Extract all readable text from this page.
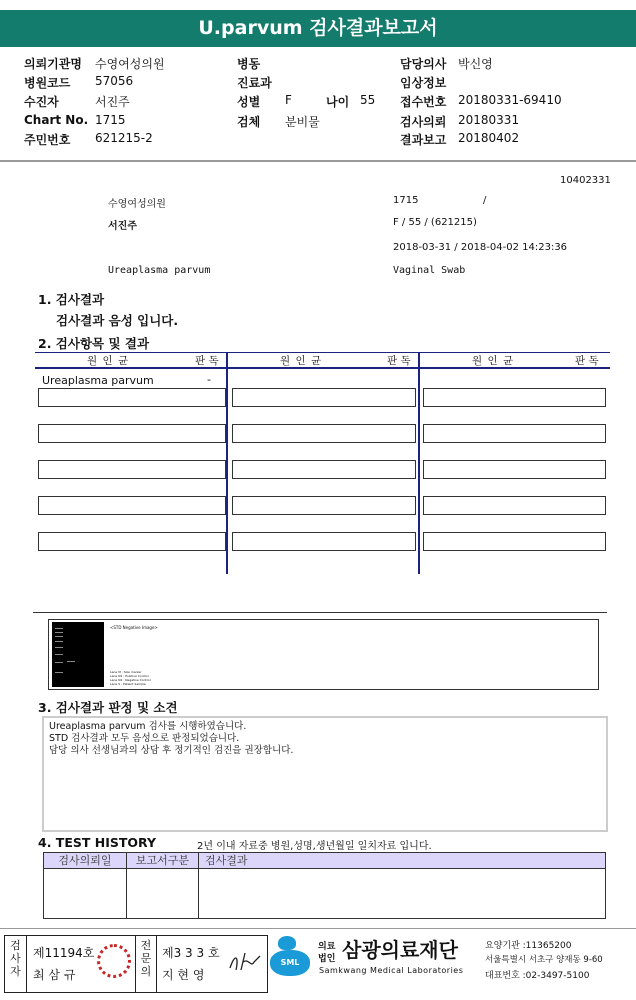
U.parvum 검사결과보고서
의뢰기관명 수영여성의원
병원코드 57056
수진자	서진주
Chart No. 1715
주민번호 621215-2
병동
진료과
성별 F	나이 55
검체 분비물
담당의사 박신영
임상정보
접수번호 20180331-69410
검사의뢰 20180331
결과보고 20180402
10402331
수영여성의원	1715	/
서진주	F / 55 / (621215)
2018-03-31 / 2018-04-02 14:23:36
Ureaplasma parvum	Vaginal Swab
1. 검사결과
검사결과 음성 입니다.
2. 검사항목 및 결과
원 인 균	판 독	원 인 균	판 독	원 인 균	판 독
Ureaplasma parvum	-
<STD Negative Image>
Lane M : Size marker
Lane N1 : Positive Control
Lane N2 : Negative Control
Lane S : Patient Sample
3. 검사결과 판정 및 소견
Ureaplasma parvum 검사를 시행하였습니다.
STD 검사결과 모두 음성으로 판정되었습니다.
담당 의사 선생님과의 상담 후 정기적인 검진을 권장합니다.
4. TEST HISTORY	2년 이내 자료중 병원,성명,생년월일 일치자료 입니다.
검사의뢰일	보고서구분	검사결과
검사자
제11194호
최 삼 규
전문의
제3 3 3 호
지 현 영
SML
의료
법인 삼광의료재단
Samkwang Medical Laboratories
요양기관 :11365200
서울특별시 서초구 양재동 9-60
대표번호 :02-3497-5100
